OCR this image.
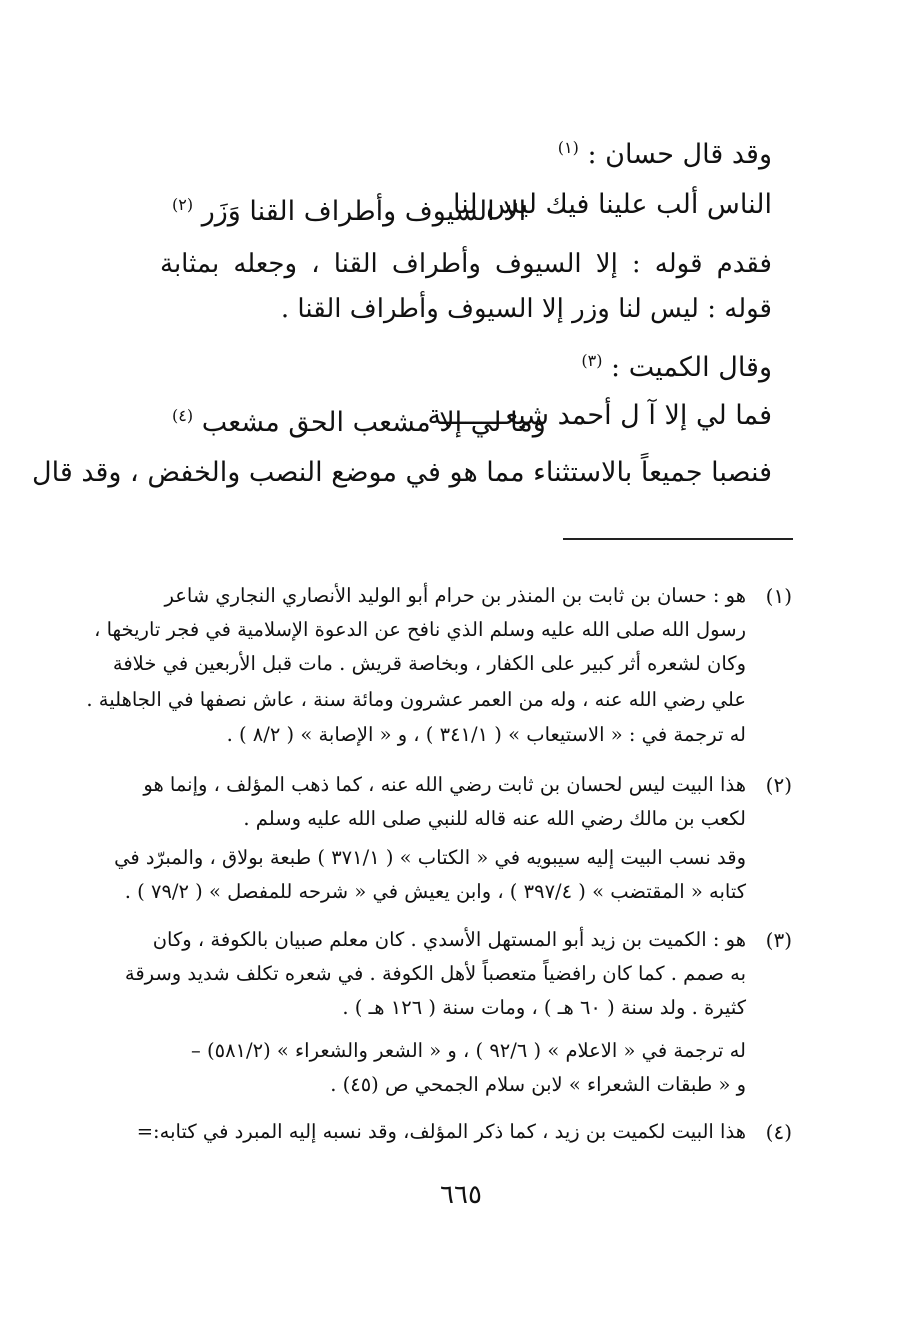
وقد قال حسان : $^{(١)}$
الناس ألب علينا فيك ليس لنا
الا السيوف وأطراف القنا وَزَر $^{(٢)}$
فقدم قوله : إلا السيوف وأطراف القنا ، وجعله بمثابة قوله : ليس لنا وزر إلا السيوف وأطراف القنا .
وقال الكميت : $^{(٣)}$
فما لي إلا آ ل أحمد شيعــــــــة
وما لي إلا مشعب الحق مشعب $^{(٤)}$
فنصبا جميعاً بالاستثناء مما هو في موضع النصب والخفض ، وقد قال
(١)
هو : حسان بن ثابت بن المنذر بن حرام أبو الوليد الأنصاري النجاري شاعر
رسول الله صلى الله عليه وسلم الذي نافح عن الدعوة الإسلامية في فجر تاريخها ،
وكان لشعره أثر كبير على الكفار ، وبخاصة قريش . مات قبل الأربعين في خلافة
علي رضي الله عنه ، وله من العمر عشرون ومائة سنة ، عاش نصفها في الجاهلية .
له ترجمة في : « الاستيعاب » ( ٣٤١/١ ) ، و « الإصابة » ( ٨/٢ ) .
(٢)
هذا البيت ليس لحسان بن ثابت رضي الله عنه ، كما ذهب المؤلف ، وإنما هو
لكعب بن مالك رضي الله عنه قاله للنبي صلى الله عليه وسلم .
وقد نسب البيت إليه سيبويه في « الكتاب » ( ٣٧١/١ ) طبعة بولاق ، والمبرّد في
كتابه « المقتضب » ( ٣٩٧/٤ ) ، وابن يعيش في « شرحه للمفصل » ( ٧٩/٢ ) .
(٣)
هو : الكميت بن زيد أبو المستهل الأسدي . كان معلم صبيان بالكوفة ، وكان
به صمم . كما كان رافضياً متعصباً لأهل الكوفة . في شعره تكلف شديد وسرقة
كثيرة . ولد سنة ( ٦٠ هـ ) ، ومات سنة ( ١٢٦ هـ ) .
له ترجمة في « الاعلام » ( ٩٢/٦ ) ، و « الشعر والشعراء » (٥٨١/٢) –
و « طبقات الشعراء » لابن سلام الجمحي ص (٤٥) .
(٤)
هذا البيت لكميت بن زيد ، كما ذكر المؤلف، وقد نسبه إليه المبرد في كتابه:=
٦٦٥
